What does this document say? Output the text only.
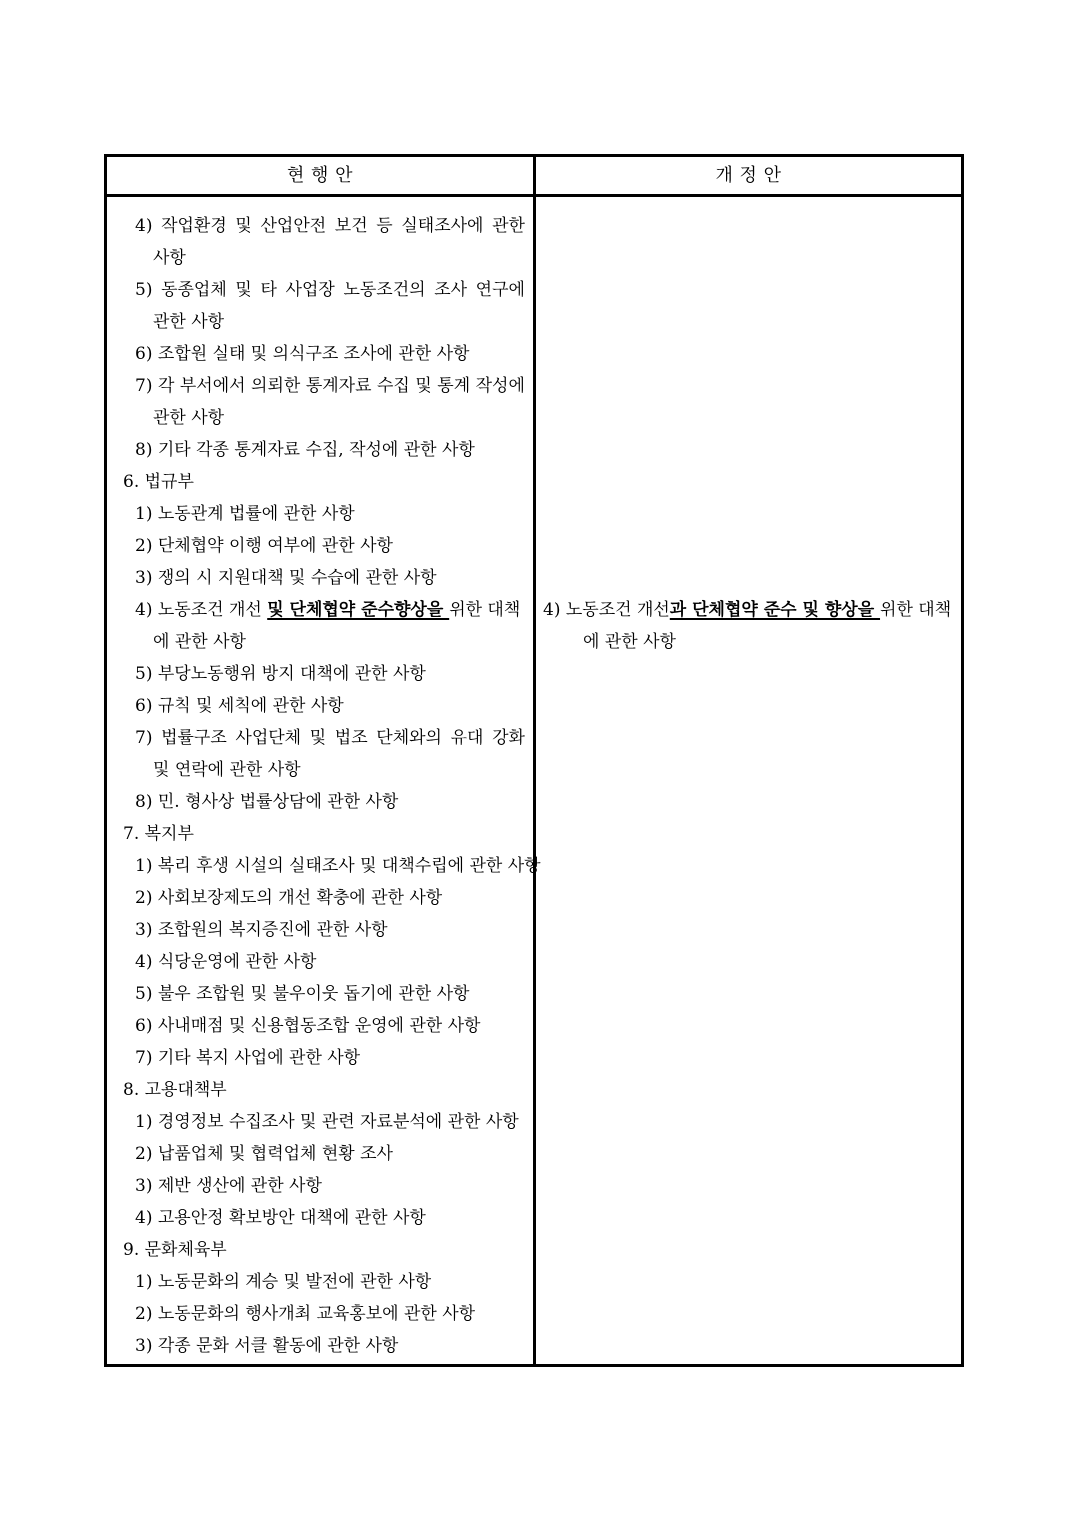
현 행 안	개 정 안
4) 작업환경 및 산업안전 보건 등 실태조사에 관한
사항
5) 동종업체 및 타 사업장 노동조건의 조사 연구에
관한 사항
6) 조합원 실태 및 의식구조 조사에 관한 사항
7) 각 부서에서 의뢰한 통계자료 수집 및 통계 작성에
관한 사항
8) 기타 각종 통계자료 수집, 작성에 관한 사항
6. 법규부
1) 노동관계 법률에 관한 사항
2) 단체협약 이행 여부에 관한 사항
3) 쟁의 시 지원대책 및 수습에 관한 사항
4) 노동조건 개선 및 단체협약 준수향상을 위한 대책
에 관한 사항
5) 부당노동행위 방지 대책에 관한 사항
6) 규칙 및 세칙에 관한 사항
7) 법률구조 사업단체 및 법조 단체와의 유대 강화
및 연락에 관한 사항
8) 민. 형사상 법률상담에 관한 사항
7. 복지부
1) 복리 후생 시설의 실태조사 및 대책수립에 관한 사항
2) 사회보장제도의 개선 확충에 관한 사항
3) 조합원의 복지증진에 관한 사항
4) 식당운영에 관한 사항
5) 불우 조합원 및 불우이웃 돕기에 관한 사항
6) 사내매점 및 신용협동조합 운영에 관한 사항
7) 기타 복지 사업에 관한 사항
8. 고용대책부
1) 경영정보 수집조사 및 관련 자료분석에 관한 사항
2) 납품업체 및 협력업체 현황 조사
3) 제반 생산에 관한 사항
4) 고용안정 확보방안 대책에 관한 사항
9. 문화체육부
1) 노동문화의 계승 및 발전에 관한 사항
2) 노동문화의 행사개최 교육홍보에 관한 사항
3) 각종 문화 서클 활동에 관한 사항
4) 노동조건 개선과 단체협약 준수 및 향상을 위한 대책
에 관한 사항
